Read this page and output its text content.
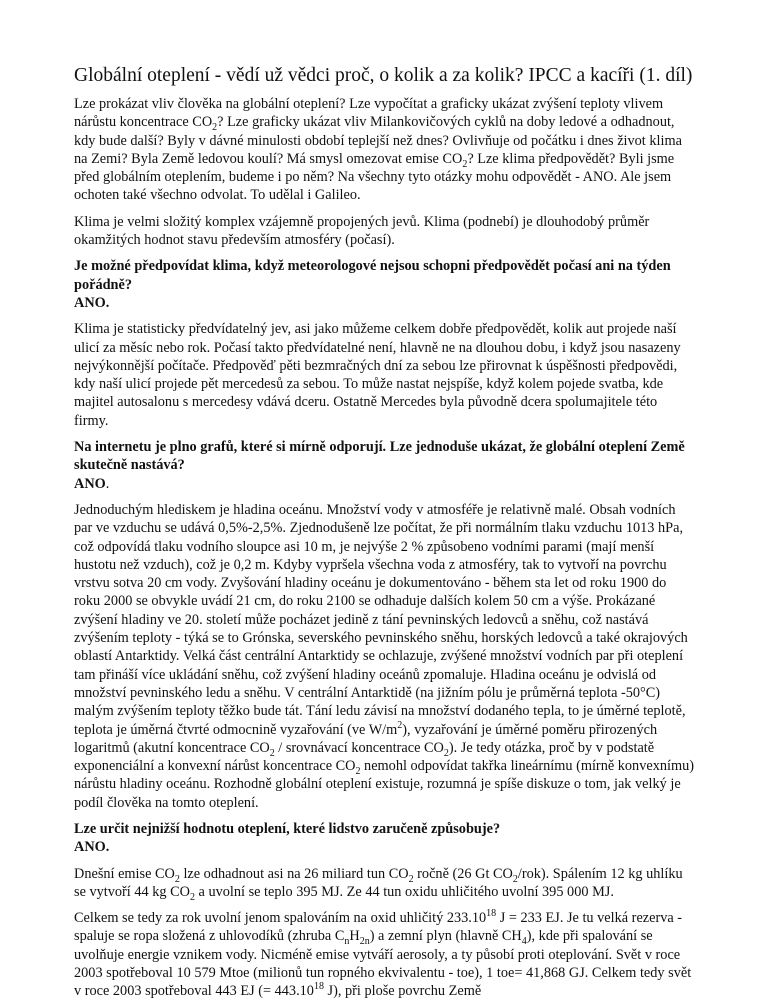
Globální oteplení - vědí už vědci proč, o kolik a za kolik? IPCC a kacíři (1. díl)

Lze prokázat vliv člověka na globální oteplení? Lze vypočítat a graficky ukázat zvýšení teploty vlivem nárůstu koncentrace $CO_2$? Lze graficky ukázat vliv Milankovičových cyklů na doby ledové a odhadnout, kdy bude další? Byly v dávné minulosti období teplejší než dnes? Ovlivňuje od počátku i dnes život klima na Zemi? Byla Země ledovou koulí? Má smysl omezovat emise $CO_2$? Lze klima předpovědět? Byli jsme před globálním oteplením, budeme i po něm? Na všechny tyto otázky mohu odpovědět - ANO. Ale jsem ochoten také všechno odvolat. To udělal i Galileo.

Klima je velmi složitý komplex vzájemně propojených jevů. Klima (podnebí) je dlouhodobý průměr okamžitých hodnot stavu především atmosféry (počasí).

Je možné předpovídat klima, když meteorologové nejsou schopni předpovědět počasí ani na týden pořádně?

ANO.

Klima je statisticky předvídatelný jev, asi jako můžeme celkem dobře předpovědět, kolik aut projede naší ulicí za měsíc nebo rok. Počasí takto předvídatelné není, hlavně ne na dlouhou dobu, i když jsou nasazeny nejvýkonnější počítače. Předpověď pěti bezmračných dní za sebou lze přirovnat k úspěšnosti předpovědi, kdy naší ulicí projede pět mercedesů za sebou. To může nastat nejspíše, když kolem pojede svatba, kde majitel autosalonu s mercedesy vdává dceru. Ostatně Mercedes byla původně dcera spolumajitele této firmy.

Na internetu je plno grafů, které si mírně odporují. Lze jednoduše ukázat, že globální oteplení Země skutečně nastává?

ANO.

Jednoduchým hlediskem je hladina oceánu. Množství vody v atmosféře je relativně malé. Obsah vodních par ve vzduchu se udává 0,5%-2,5%. Zjednodušeně lze počítat, že při normálním tlaku vzduchu 1013 hPa, což odpovídá tlaku vodního sloupce asi 10 m, je nejvýše 2 % způsobeno vodními parami (mají menší hustotu než vzduch), což je 0,2 m. Kdyby vypršela všechna voda z atmosféry, tak to vytvoří na povrchu vrstvu sotva 20 cm vody. Zvyšování hladiny oceánu je dokumentováno - během sta let od roku 1900 do roku 2000 se obvykle uvádí 21 cm, do roku 2100 se odhaduje dalších kolem 50 cm a výše. Prokázané zvýšení hladiny ve 20. století může pocházet jedině z tání pevninských ledovců a sněhu, což nastává zvýšením teploty - týká se to Grónska, severského pevninského sněhu, horských ledovců a také okrajových oblastí Antarktidy. Velká část centrální Antarktidy se ochlazuje, zvýšené množství vodních par při oteplení tam přináší více ukládání sněhu, což zvýšení hladiny oceánů zpomaluje. Hladina oceánu je odvislá od množství pevninského ledu a sněhu. V centrální Antarktidě (na jižním pólu je průměrná teplota -50°C) malým zvýšením teploty těžko bude tát. Tání ledu závisí na množství dodaného tepla, to je úměrné teplotě, teplota je úměrná čtvrté odmocnině vyzařování (ve $W/m^2$), vyzařování je úměrné poměru přirozených logaritmů (akutní koncentrace $CO_2$ / srovnávací koncentrace $CO_2$). Je tedy otázka, proč by v podstatě exponenciální a konvexní nárůst koncentrace $CO_2$ nemohl odpovídat takřka lineárnímu (mírně konvexnímu) nárůstu hladiny oceánu. Rozhodně globální oteplení existuje, rozumná je spíše diskuze o tom, jak velký je podíl člověka na tomto oteplení.

Lze určit nejnižší hodnotu oteplení, které lidstvo zaručeně způsobuje?

ANO.

Dnešní emise $CO_2$ lze odhadnout asi na 26 miliard tun $CO_2$ ročně (26 Gt $CO_2/rok$). Spálením 12 kg uhlíku se vytvoří 44 kg $CO_2$ a uvolní se teplo 395 MJ. Ze 44 tun oxidu uhličitého uvolní 395 000 MJ.

Celkem se tedy za rok uvolní jenom spalováním na oxid uhličitý 233.10$^{18}$ J = 233 EJ. Je tu velká rezerva - spaluje se ropa složená z uhlovodíků (zhruba $C_nH_{2n}$) a zemní plyn (hlavně $CH_4$), kde při spalování se uvolňuje energie vznikem vody. Nicméně emise vytváří aerosoly, a ty působí proti oteplování. Svět v roce 2003 spotřeboval 10 579 Mtoe (milionů tun ropného ekvivalentu - toe), 1 toe= 41,868 GJ. Celkem tedy svět v roce 2003 spotřeboval 443 EJ (= $443.10^{18}$ J), při ploše povrchu Země
